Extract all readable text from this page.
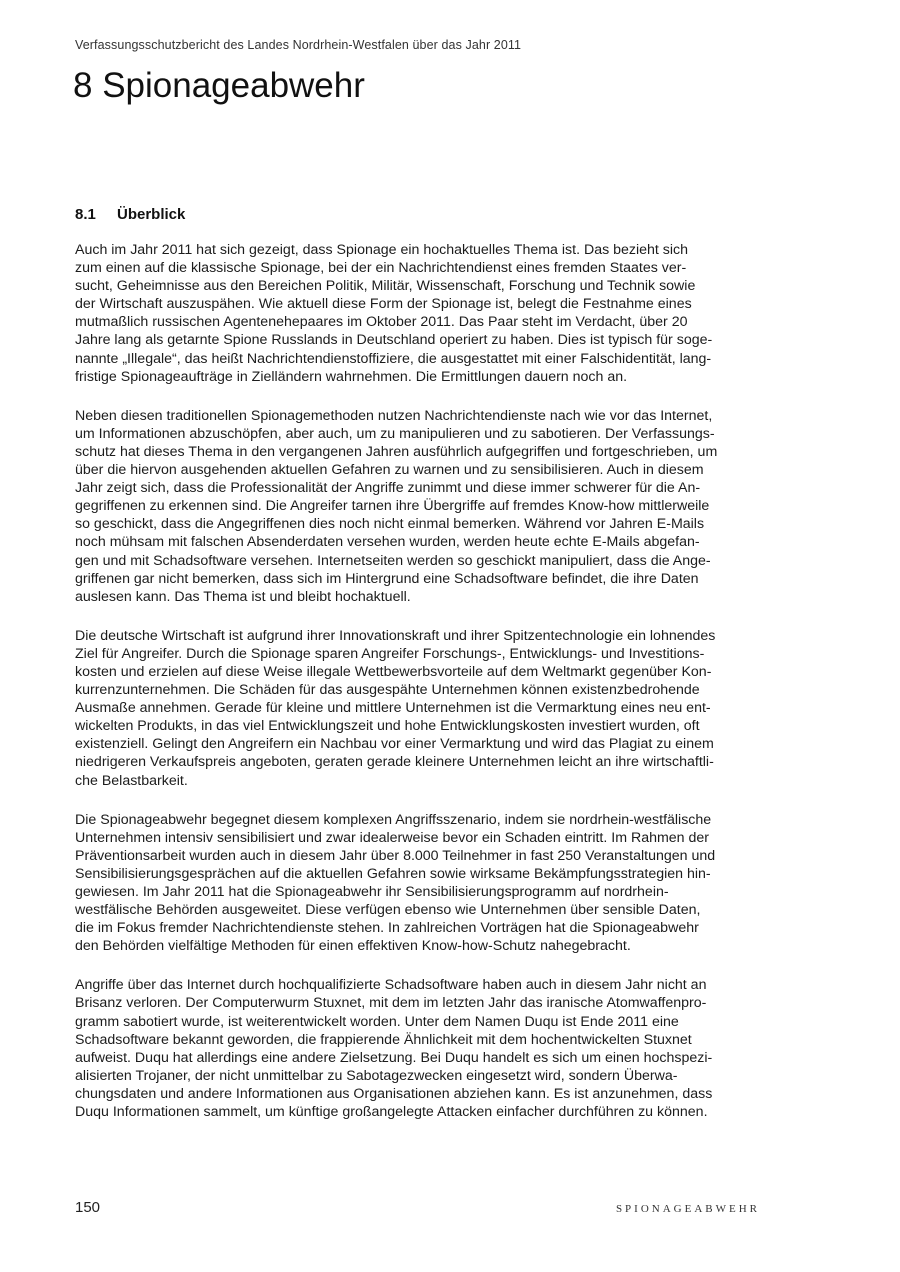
Verfassungsschutzbericht des Landes Nordrhein-Westfalen über das Jahr 2011
8 Spionageabwehr
8.1 Überblick
Auch im Jahr 2011 hat sich gezeigt, dass Spionage ein hochaktuelles Thema ist. Das bezieht sich
zum einen auf die klassische Spionage, bei der ein Nachrichtendienst eines fremden Staates ver-
sucht, Geheimnisse aus den Bereichen Politik, Militär, Wissenschaft, Forschung und Technik sowie
der Wirtschaft auszuspähen. Wie aktuell diese Form der Spionage ist, belegt die Festnahme eines
mutmaßlich russischen Agentenehepaares im Oktober 2011. Das Paar steht im Verdacht, über 20
Jahre lang als getarnte Spione Russlands in Deutschland operiert zu haben. Dies ist typisch für soge-
nannte „Illegale“, das heißt Nachrichtendienstoffiziere, die ausgestattet mit einer Falschidentität, lang-
fristige Spionageaufträge in Zielländern wahrnehmen. Die Ermittlungen dauern noch an.
Neben diesen traditionellen Spionagemethoden nutzen Nachrichtendienste nach wie vor das Internet,
um Informationen abzuschöpfen, aber auch, um zu manipulieren und zu sabotieren. Der Verfassungs-
schutz hat dieses Thema in den vergangenen Jahren ausführlich aufgegriffen und fortgeschrieben, um
über die hiervon ausgehenden aktuellen Gefahren zu warnen und zu sensibilisieren. Auch in diesem
Jahr zeigt sich, dass die Professionalität der Angriffe zunimmt und diese immer schwerer für die An-
gegriffenen zu erkennen sind. Die Angreifer tarnen ihre Übergriffe auf fremdes Know-how mittlerweile
so geschickt, dass die Angegriffenen dies noch nicht einmal bemerken. Während vor Jahren E-Mails
noch mühsam mit falschen Absenderdaten versehen wurden, werden heute echte E-Mails abgefan-
gen und mit Schadsoftware versehen. Internetseiten werden so geschickt manipuliert, dass die Ange-
griffenen gar nicht bemerken, dass sich im Hintergrund eine Schadsoftware befindet, die ihre Daten
auslesen kann. Das Thema ist und bleibt hochaktuell.
Die deutsche Wirtschaft ist aufgrund ihrer Innovationskraft und ihrer Spitzentechnologie ein lohnendes
Ziel für Angreifer. Durch die Spionage sparen Angreifer Forschungs-, Entwicklungs- und Investitions-
kosten und erzielen auf diese Weise illegale Wettbewerbsvorteile auf dem Weltmarkt gegenüber Kon-
kurrenzunternehmen. Die Schäden für das ausgespähte Unternehmen können existenzbedrohende
Ausmaße annehmen. Gerade für kleine und mittlere Unternehmen ist die Vermarktung eines neu ent-
wickelten Produkts, in das viel Entwicklungszeit und hohe Entwicklungskosten investiert wurden, oft
existenziell. Gelingt den Angreifern ein Nachbau vor einer Vermarktung und wird das Plagiat zu einem
niedrigeren Verkaufspreis angeboten, geraten gerade kleinere Unternehmen leicht an ihre wirtschaftli-
che Belastbarkeit.
Die Spionageabwehr begegnet diesem komplexen Angriffsszenario, indem sie nordrhein-westfälische
Unternehmen intensiv sensibilisiert und zwar idealerweise bevor ein Schaden eintritt. Im Rahmen der
Präventionsarbeit wurden auch in diesem Jahr über 8.000 Teilnehmer in fast 250 Veranstaltungen und
Sensibilisierungsgesprächen auf die aktuellen Gefahren sowie wirksame Bekämpfungsstrategien hin-
gewiesen. Im Jahr 2011 hat die Spionageabwehr ihr Sensibilisierungsprogramm auf nordrhein-
westfälische Behörden ausgeweitet. Diese verfügen ebenso wie Unternehmen über sensible Daten,
die im Fokus fremder Nachrichtendienste stehen. In zahlreichen Vorträgen hat die Spionageabwehr
den Behörden vielfältige Methoden für einen effektiven Know-how-Schutz nahegebracht.
Angriffe über das Internet durch hochqualifizierte Schadsoftware haben auch in diesem Jahr nicht an
Brisanz verloren. Der Computerwurm Stuxnet, mit dem im letzten Jahr das iranische Atomwaffenpro-
gramm sabotiert wurde, ist weiterentwickelt worden. Unter dem Namen Duqu ist Ende 2011 eine
Schadsoftware bekannt geworden, die frappierende Ähnlichkeit mit dem hochentwickelten Stuxnet
aufweist. Duqu hat allerdings eine andere Zielsetzung. Bei Duqu handelt es sich um einen hochspezi-
alisierten Trojaner, der nicht unmittelbar zu Sabotagezwecken eingesetzt wird, sondern Überwa-
chungsdaten und andere Informationen aus Organisationen abziehen kann. Es ist anzunehmen, dass
Duqu Informationen sammelt, um künftige großangelegte Attacken einfacher durchführen zu können.
150	SPIONAGEABWEHR
